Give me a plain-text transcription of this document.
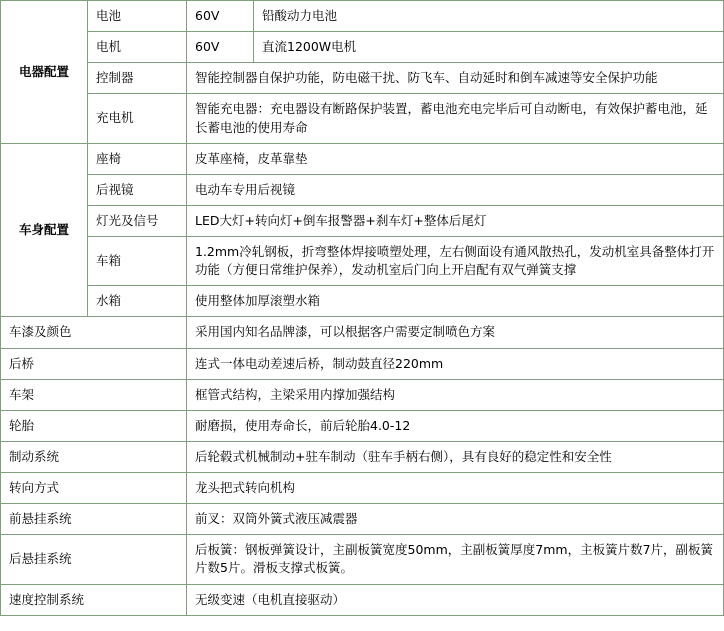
电器配置	电池	60V	铅酸动力电池
	电机	60V	直流1200W电机
	控制器	智能控制器自保护功能，防电磁干扰、防飞车、自动延时和倒车减速等安全保护功能	
	充电机	智能充电器：充电器设有断路保护装置，蓄电池充电完毕后可自动断电，有效保护蓄电池，延长蓄电池的使用寿命	
车身配置	座椅	皮革座椅，皮革靠垫	
	后视镜	电动车专用后视镜	
	灯光及信号	LED大灯+转向灯+倒车报警器+刹车灯+整体后尾灯	
	车箱	1.2mm冷轧钢板，折弯整体焊接喷塑处理，左右侧面设有通风散热孔，发动机室具备整体打开功能（方便日常维护保养），发动机室后门向上开启配有双气弹簧支撑	
	水箱	使用整体加厚滚塑水箱	
车漆及颜色		采用国内知名品牌漆，可以根据客户需要定制喷色方案	
后桥		连式一体电动差速后桥，制动鼓直径220mm	
车架		框管式结构，主梁采用内撑加强结构	
轮胎		耐磨损，使用寿命长，前后轮胎4.0-12	
制动系统		后轮毂式机械制动+驻车制动（驻车手柄右侧），具有良好的稳定性和安全性	
转向方式		龙头把式转向机构	
前悬挂系统		前叉：双筒外簧式液压减震器	
后悬挂系统		后板簧：钢板弹簧设计，主副板簧宽度50mm，主副板簧厚度7mm，主板簧片数7片，副板簧片数5片。滑板支撑式板簧。	
速度控制系统		无级变速（电机直接驱动）	
